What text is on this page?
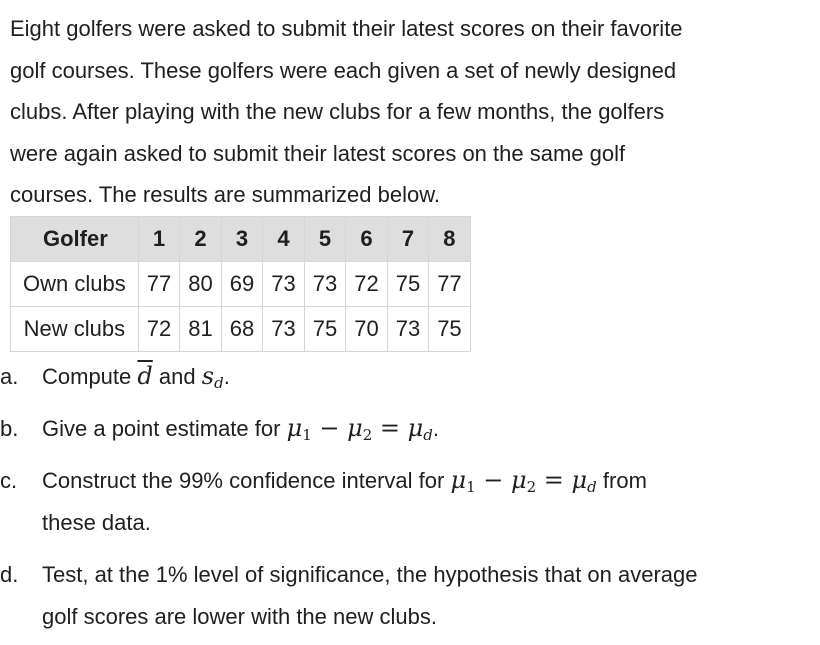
Eight golfers were asked to submit their latest scores on their favorite

golf courses. These golfers were each given a set of newly designed

clubs. After playing with the new clubs for a few months, the golfers

were again asked to submit their latest scores on the same golf

courses. The results are summarized below.

Golfer	1	2	3	4	5	6	7	8
Own clubs	77	80	69	73	73	72	75	77
New clubs	72	81	68	73	75	70	73	75
a.	Compute $\overline{d}$ and $s_d$.
b.	Give a point estimate for $\mu_1 - \mu_2 = \mu_d$.
c.	Construct the 99% confidence interval for $\mu_1 - \mu_2 = \mu_d$ from
these data.
d.	Test, at the 1% level of significance, the hypothesis that on average
golf scores are lower with the new clubs.
